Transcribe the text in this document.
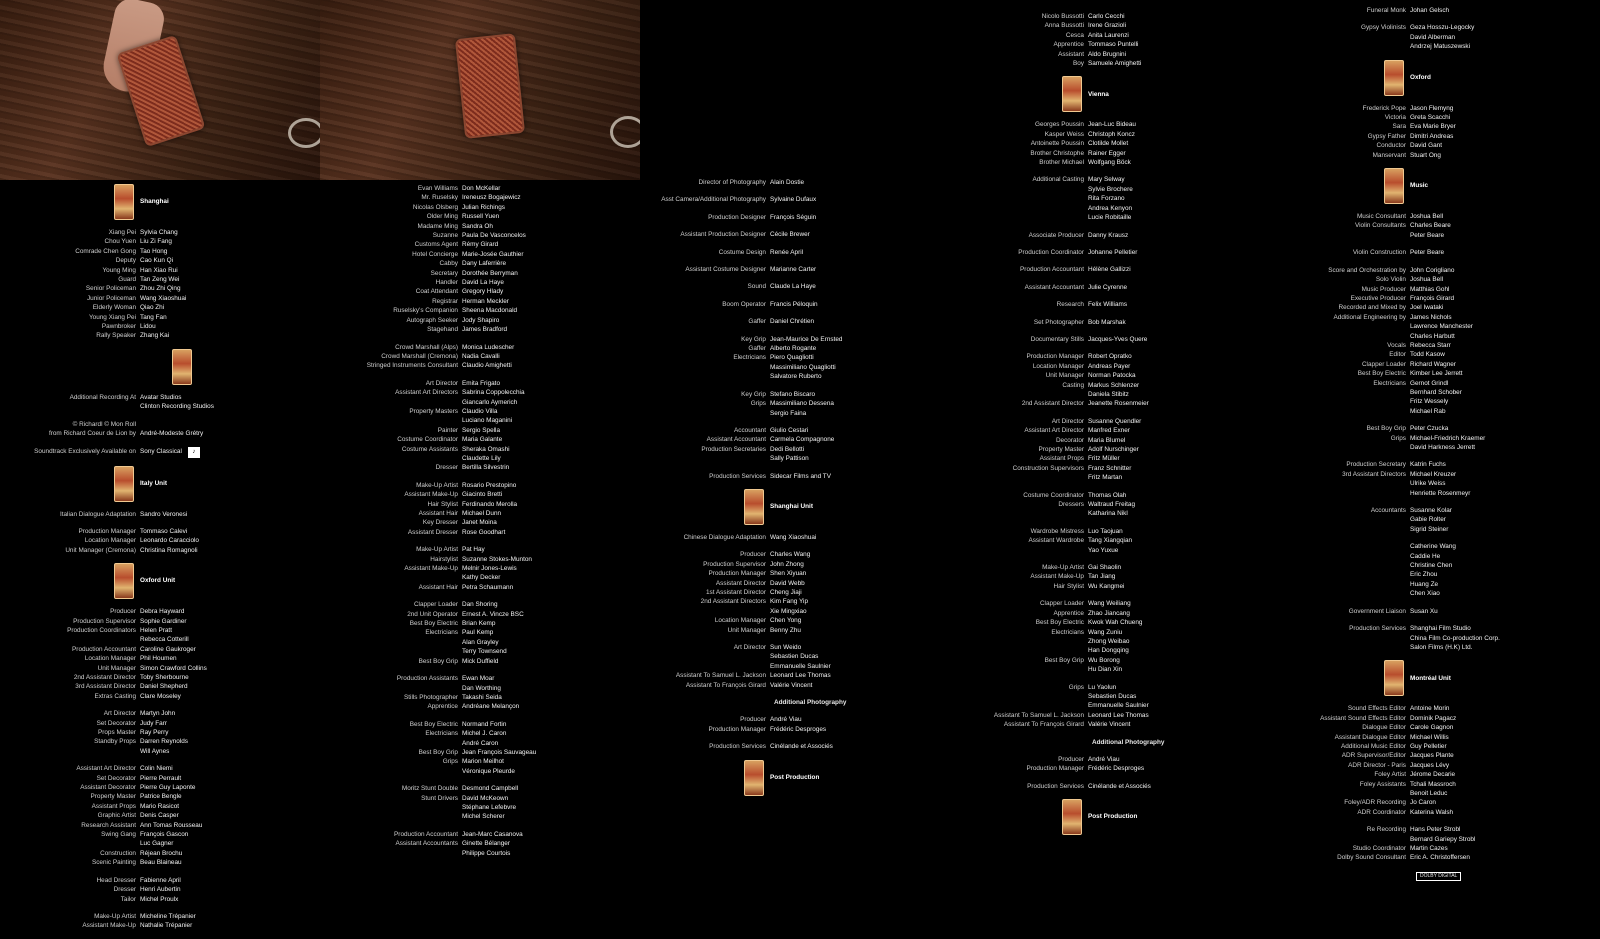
Shanghai
Xiang Pei Sylvia Chang
Chou Yuen Liu Zi Fang
Comrade Chen Gong Tao Hong
Deputy Cao Kun Qi
Young Ming Han Xiao Rui
Guard Tan Zeng Wei
Senior Policeman Zhou Zhi Qing
Junior Policeman Wang Xiaoshuai
Elderly Woman Qiao Zhi
Young Xiang Pei Tang Fan
Pawnbroker Lidou
Rally Speaker Zhang Kai
Additional Recording At Avatar Studios
Clinton Recording Studios
© Richardl © Mon Roll
from Richard Coeur de Lion by André-Modeste Grétry
Soundtrack Exclusively Available on Sony Classical	♪
Italy Unit
Italian Dialogue Adaptation Sandro Veronesi
Production Manager Tommaso Calevi
Location Manager Leonardo Caracciolo
Unit Manager (Cremona) Christina Romagnoli
Oxford Unit
Producer Debra Hayward
Production Supervisor Sophie Gardiner
Production Coordinators Helen Pratt
Rebecca Cotterill
Production Accountant Caroline Gaukroger
Location Manager Phil Houmen
Unit Manager Simon Crawford Collins
2nd Assistant Director Toby Sherbourne
3rd Assistant Director Daniel Shepherd
Extras Casting Clare Moseley
Art Director Martyn John
Set Decorator Judy Farr
Props Master Ray Perry
Standby Props Darren Reynolds
Will Aynes
Assistant Art Director Colin Niemi
Set Decorator Pierre Perrault
Assistant Decorator Pierre Guy Laponte
Property Master Patrice Bengle
Assistant Props Mario Rasicot
Graphic Artist Denis Casper
Research Assistant Ann Tomas Rousseau
Swing Gang François Gascon
Luc Gagner
Construction Réjean Brochu
Scenic Painting Beau Blaineau
Head Dresser Fabienne April
Dresser Henri Aubertin
Tailor Michel Proulx
Make-Up Artist Micheline Trépanier
Assistant Make-Up Nathalie Trépanier
Evan Williams Don McKellar
Mr. Ruselsky Ireneusz Bogajewicz
Nicolas Olsberg Julian Richings
Older Ming Russell Yuen
Madame Ming Sandra Oh
Suzanne Paula De Vasconcelos
Customs Agent Rémy Girard
Hotel Concierge Marie-Josée Gauthier
Cabby Dany Laferrière
Secretary Dorothée Berryman
Handler David La Haye
Coat Attendant Gregory Hlady
Registrar Herman Meckler
Ruselsky's Companion Sheena Macdonald
Autograph Seeker Jody Shapiro
Stagehand James Bradford
Crowd Marshall (Alps) Monica Ludescher
Crowd Marshall (Cremona) Nadia Cavalli
Stringed Instruments Consultant Claudio Amighetti
Art Director Emita Frigato
Assistant Art Directors Sabrina Coppolecchia
Giancarlo Aymerich
Property Masters Claudio Villa
Luciano Maganini
Painter Sergio Spella
Costume Coordinator Maria Galante
Costume Assistants Sheraka Omashi
Claudette Lily
Dresser Bertilla Silvestrin
Make-Up Artist Rosario Prestopino
Assistant Make-Up Giacinto Bretti
Hair Stylist Ferdinando Merolla
Assistant Hair Michael Dunn
Key Dresser Janet Moina
Assistant Dresser Rose Goodhart
Make-Up Artist Pat Hay
Hairstylist Suzanne Stokes-Munton
Assistant Make-Up Melnir Jones-Lewis
Kathy Decker
Assistant Hair Petra Schaumann
Clapper Loader Dan Shoring
2nd Unit Operator Ernest A. Vincze BSC
Best Boy Electric Brian Kemp
Electricians Paul Kemp
Alan Grayley
Terry Townsend
Best Boy Grip Mick Duffield
Production Assistants Ewan Moar
Dan Worthing
Stills Photographer Takashi Seida
Apprentice Andréane Melançon
Best Boy Electric Normand Fortin
Electricians Michel J. Caron
André Caron
Best Boy Grip Jean François Sauvageau
Grips Marion Meilhot
Véronique Pleurde
Moritz Stunt Double Desmond Campbell
Stunt Drivers David McKeown
Stéphane Lefebvre
Michel Scherer
Production Accountant Jean-Marc Casanova
Assistant Accountants Ginette Bélanger
Philippe Courtois
Director of Photography Alain Dostie
Asst Camera/Additional Photography Sylvaine Dufaux
Production Designer François Séguin
Assistant Production Designer Cécile Brewer
Costume Design Renée April
Assistant Costume Designer Marianne Carter
Sound Claude La Haye
Boom Operator Francis Péloquin
Gaffer Daniel Chrétien
Key Grip Jean-Maurice De Ernsted
Gaffer Alberto Rogante
Electricians Piero Quagliotti
Massimiliano Quagliotti
Salvatore Ruberto
Key Grip Stefano Biscaro
Grips Massimiliano Dessena
Sergio Faina
Accountant Giulio Cestari
Assistant Accountant Carmela Compagnone
Production Secretaries Dedi Bellotti
Sally Pattison
Production Services Sidecar Films and TV
Shanghai Unit
Chinese Dialogue Adaptation Wang Xiaoshuai
Producer Charles Wang
Production Supervisor John Zhong
Production Manager Shen Xiyuan
Assistant Director David Webb
1st Assistant Director Cheng Jiaji
2nd Assistant Directors Kim Fang Yip
Xie Mingxiao
Location Manager Chen Yong
Unit Manager Benny Zhu
Art Director Sun Weido
Sebastien Ducas
Emmanuelle Saulnier
Assistant To Samuel L. Jackson Leonard Lee Thomas
Assistant To François Girard Valérie Vincent
Additional Photography
Producer André Viau
Production Manager Frédéric Desproges
Production Services Cinélande et Associés
Post Production
Nicolo Bussotti Carlo Cecchi
Anna Bussotti Irene Grazioli
Cesca Anita Laurenzi
Apprentice Tommaso Puntelli
Assistant Aldo Brugnini
Boy Samuele Amighetti
Vienna
Georges Poussin Jean-Luc Bideau
Kasper Weiss Christoph Koncz
Antoinette Poussin Clotilde Mollet
Brother Christophe Rainer Egger
Brother Michael Wolfgang Böck
Additional Casting Mary Selway
Sylvie Brochere
Rita Forzano
Andrea Kenyon
Lucie Robitaille
Associate Producer Danny Krausz
Production Coordinator Johanne Pelletier
Production Accountant Hélène Gallizzi
Assistant Accountant Julie Cyrenne
Research Felix Williams
Set Photographer Bob Marshak
Documentary Stills Jacques-Yves Quere
Production Manager Robert Opratko
Location Manager Andreas Payer
Unit Manager Norman Patocka
Casting Markus Schlenzer
Daniela Stibitz
2nd Assistant Director Jeanette Rosenmeier
Art Director Susanne Quendler
Assistant Art Director Manfred Exner
Decorator Maria Blumel
Property Master Adolf Nurschinger
Assistant Props Fritz Müller
Construction Supervisors Franz Schnitter
Fritz Martan
Costume Coordinator Thomas Olah
Dressers Waltraud Freitag
Katharina Nikl
Wardrobe Mistress Luo Taojuan
Assistant Wardrobe Tang Xiangqian
Yao Yuxue
Make-Up Artist Gai Shaolin
Assistant Make-Up Tan Jiang
Hair Stylist Wu Kangmei
Clapper Loader Wang Weiliang
Apprentice Zhao Jiancang
Best Boy Electric Kwok Wah Chueng
Electricians Wang Zuniu
Zhong Weibao
Han Dongqing
Best Boy Grip Wu Borong
Hu Dian Xin
Grips Lu Yaolun
Sebastien Ducas
Emmanuelle Saulnier
Assistant To Samuel L. Jackson Leonard Lee Thomas
Assistant To François Girard Valérie Vincent
Additional Photography
Producer André Viau
Production Manager Frédéric Desproges
Production Services Cinélande et Associés
Post Production
Funeral Monk Johan Gelsch
Gypsy Violinists Geza Hosszu-Legocky
David Alberman
Andrzej Matuszewski
Oxford
Frederick Pope Jason Flemyng
Victoria Greta Scacchi
Sara Eva Marie Bryer
Gypsy Father Dimitri Andreas
Conductor David Gant
Manservant Stuart Ong
Music
Music Consultant Joshua Bell
Violin Consultants Charles Beare
Peter Beare
Violin Construction Peter Beare
Score and Orchestration by John Corigliano
Solo Violin Joshua Bell
Music Producer Matthias Gohl
Executive Producer François Girard
Recorded and Mixed by Joel Iwataki
Additional Engineering by James Nichols
Lawrence Manchester
Charles Harbutt
Vocals Rebecca Starr
Editor Todd Kasow
Clapper Loader Richard Wagner
Best Boy Electric Kimber Lee Jerrett
Electricians Gernot Grindl
Bernhard Schober
Fritz Wessely
Michael Rab
Best Boy Grip Peter Czucka
Grips Michael-Friedrich Kraemer
David Harkness Jerrett
Production Secretary Katrin Fuchs
3rd Assistant Directors Michael Kreuzer
Ulrike Weiss
Henriette Rosenmeyr
Accountants Susanne Kolar
Gabie Rolter
Sigrid Steiner
Catherine Wang
Caddie He
Christine Chen
Eric Zhou
Huang Ze
Chen Xiao
Government Liaison Susan Xu
Production Services Shanghai Film Studio
China Film Co-production Corp.
Salon Films (H.K) Ltd.
Montréal Unit
Sound Effects Editor Antoine Morin
Assistant Sound Effects Editor Dominik Pagacz
Dialogue Editor Carole Gagnon
Assistant Dialogue Editor Michael Willis
Additional Music Editor Guy Pelletier
ADR Supervisor/Editor Jacques Plante
ADR Director - Paris Jacques Lévy
Foley Artist Jérome Decarie
Foley Assistants Tchali Massroch
Benoit Leduc
Foley/ADR Recording Jo Caron
ADR Coordinator Katerina Walsh
Re Recording Hans Peter Strobl
Bernard Gariepy Strobl
Studio Coordinator Martin Cazes
Dolby Sound Consultant Eric A. Christoffersen
DOLBY DIGITAL
